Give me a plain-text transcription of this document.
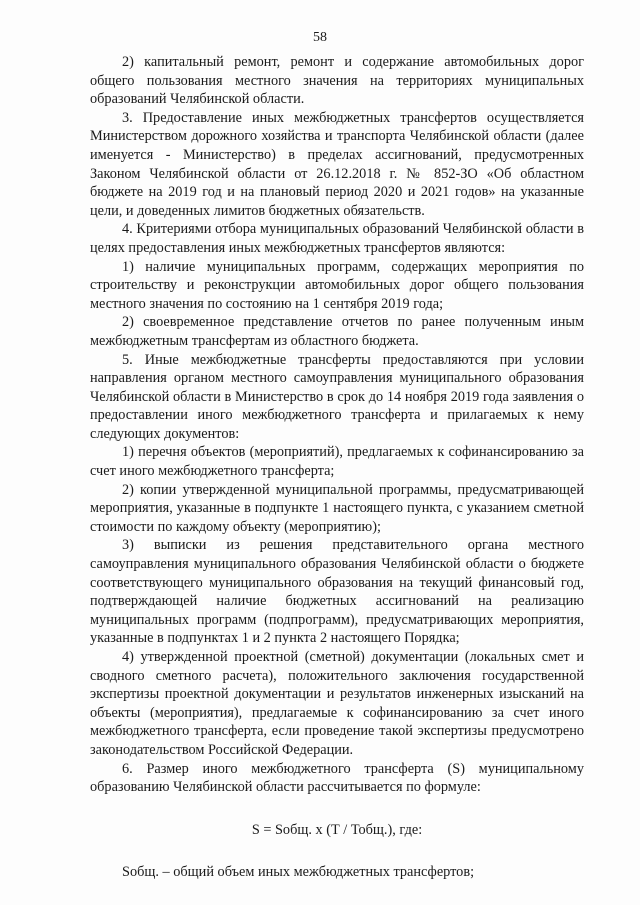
58

2) капитальный ремонт, ремонт и содержание автомобильных дорог общего пользования местного значения на территориях муниципальных образований Челябинской области.

3. Предоставление иных межбюджетных трансфертов осуществляется Министерством дорожного хозяйства и транспорта Челябинской области (далее именуется - Министерство) в пределах ассигнований, предусмотренных Законом Челябинской области от 26.12.2018 г. № 852-ЗО «Об областном бюджете на 2019 год и на плановый период 2020 и 2021 годов» на указанные цели, и доведенных лимитов бюджетных обязательств.

4. Критериями отбора муниципальных образований Челябинской области в целях предоставления иных межбюджетных трансфертов являются:

1) наличие муниципальных программ, содержащих мероприятия по строительству и реконструкции автомобильных дорог общего пользования местного значения по состоянию на 1 сентября 2019 года;

2) своевременное представление отчетов по ранее полученным иным межбюджетным трансфертам из областного бюджета.

5. Иные межбюджетные трансферты предоставляются при условии направления органом местного самоуправления муниципального образования Челябинской области в Министерство в срок до 14 ноября 2019 года заявления о предоставлении иного межбюджетного трансферта и прилагаемых к нему следующих документов:

1) перечня объектов (мероприятий), предлагаемых к софинансированию за счет иного межбюджетного трансферта;

2) копии утвержденной муниципальной программы, предусматривающей мероприятия, указанные в подпункте 1 настоящего пункта, с указанием сметной стоимости по каждому объекту (мероприятию);

3) выписки из решения представительного органа местного самоуправления муниципального образования Челябинской области о бюджете соответствующего муниципального образования на текущий финансовый год, подтверждающей наличие бюджетных ассигнований на реализацию муниципальных программ (подпрограмм), предусматривающих мероприятия, указанные в подпунктах 1 и 2 пункта 2 настоящего Порядка;

4) утвержденной проектной (сметной) документации (локальных смет и сводного сметного расчета), положительного заключения государственной экспертизы проектной документации и результатов инженерных изысканий на объекты (мероприятия), предлагаемые к софинансированию за счет иного межбюджетного трансферта, если проведение такой экспертизы предусмотрено законодательством Российской Федерации.

6. Размер иного межбюджетного трансферта (S) муниципальному образованию Челябинской области рассчитывается по формуле:

S = Sобщ. х (Т / Тобщ.), где:

Sобщ. – общий объем иных межбюджетных трансфертов;
